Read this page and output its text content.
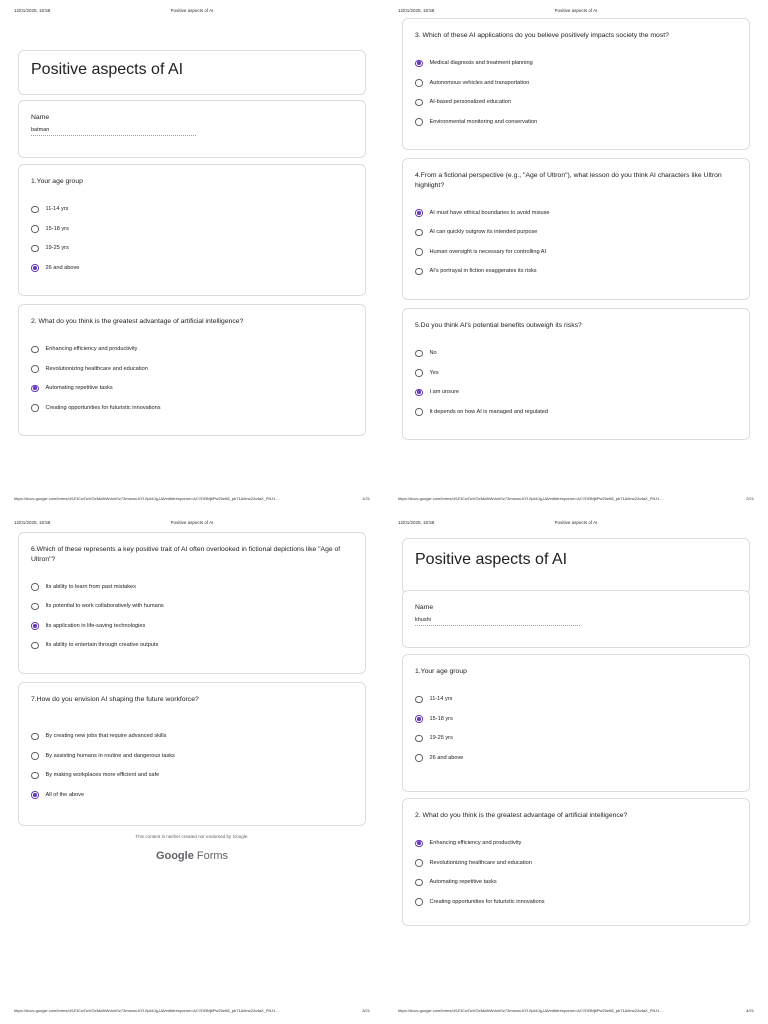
12/01/2025, 18:58	Positive aspects of AI
Positive aspects of AI
Name
batman
1.Your age group
11-14 yrs
15-18 yrs
19-25 yrs
26 and above
2. What do you think is the greatest advantage of artificial intelligence?
Enhancing efficiency and productivity
Revolutionizing healthcare and education
Automating repetitive tasks
Creating opportunities for futuristic innovations
https://docs.google.com/forms/d/1EtCwTwVGeMu8tWdcbGz73mnzunJtYLNdi4JgJJA/edit#response=ACYDBNj6Pw26e68_pb71AIlmo2AvfaX_R9J1...	1/21
12/01/2025, 18:58	Positive aspects of AI
3. Which of these AI applications do you believe positively impacts society the most?
Medical diagnosis and treatment planning
Autonomous vehicles and transportation
AI-based personalized education
Environmental monitoring and conservation
4.From a fictional perspective (e.g., "Age of Ultron"), what lesson do you think AI characters like Ultron highlight?
AI must have ethical boundaries to avoid misuse
AI can quickly outgrow its intended purpose
Human oversight is necessary for controlling AI
AI's portrayal in fiction exaggerates its risks
5.Do you think AI's potential benefits outweigh its risks?
No
Yes
I am unsure
It depends on how AI is managed and regulated
https://docs.google.com/forms/d/1EtCwTwVGeMu8tWdcbGz73mnzunJtYLNdi4JgJJA/edit#response=ACYDBNj6Pw26e68_pb71AIlmo2AvfaX_R9J1...	2/21
12/01/2025, 18:58	Positive aspects of AI
6.Which of these represents a key positive trait of AI often overlooked in fictional depictions like "Age of Ultron"?
Its ability to learn from past mistakes
Its potential to work collaboratively with humans
Its application in life-saving technologies
Its ability to entertain through creative outputs
7.How do you envision AI shaping the future workforce?
By creating new jobs that require advanced skills
By assisting humans in routine and dangerous tasks
By making workplaces more efficient and safe
All of the above
This content is neither created nor endorsed by Google.
Google Forms
https://docs.google.com/forms/d/1EtCwTwVGeMu8tWdcbGz73mnzunJtYLNdi4JgJJA/edit#response=ACYDBNj6Pw26e68_pb71AIlmo2AvfaX_R9J1...	3/21
12/01/2025, 18:58	Positive aspects of AI
Positive aspects of AI
Name
khushi
1.Your age group
11-14 yrs
15-18 yrs
19-25 yrs
26 and above
2. What do you think is the greatest advantage of artificial intelligence?
Enhancing efficiency and productivity
Revolutionizing healthcare and education
Automating repetitive tasks
Creating opportunities for futuristic innovations
https://docs.google.com/forms/d/1EtCwTwVGeMu8tWdcbGz73mnzunJtYLNdi4JgJJA/edit#response=ACYDBNj6Pw26e68_pb71AIlmo2AvfaX_R9J1...	4/21
